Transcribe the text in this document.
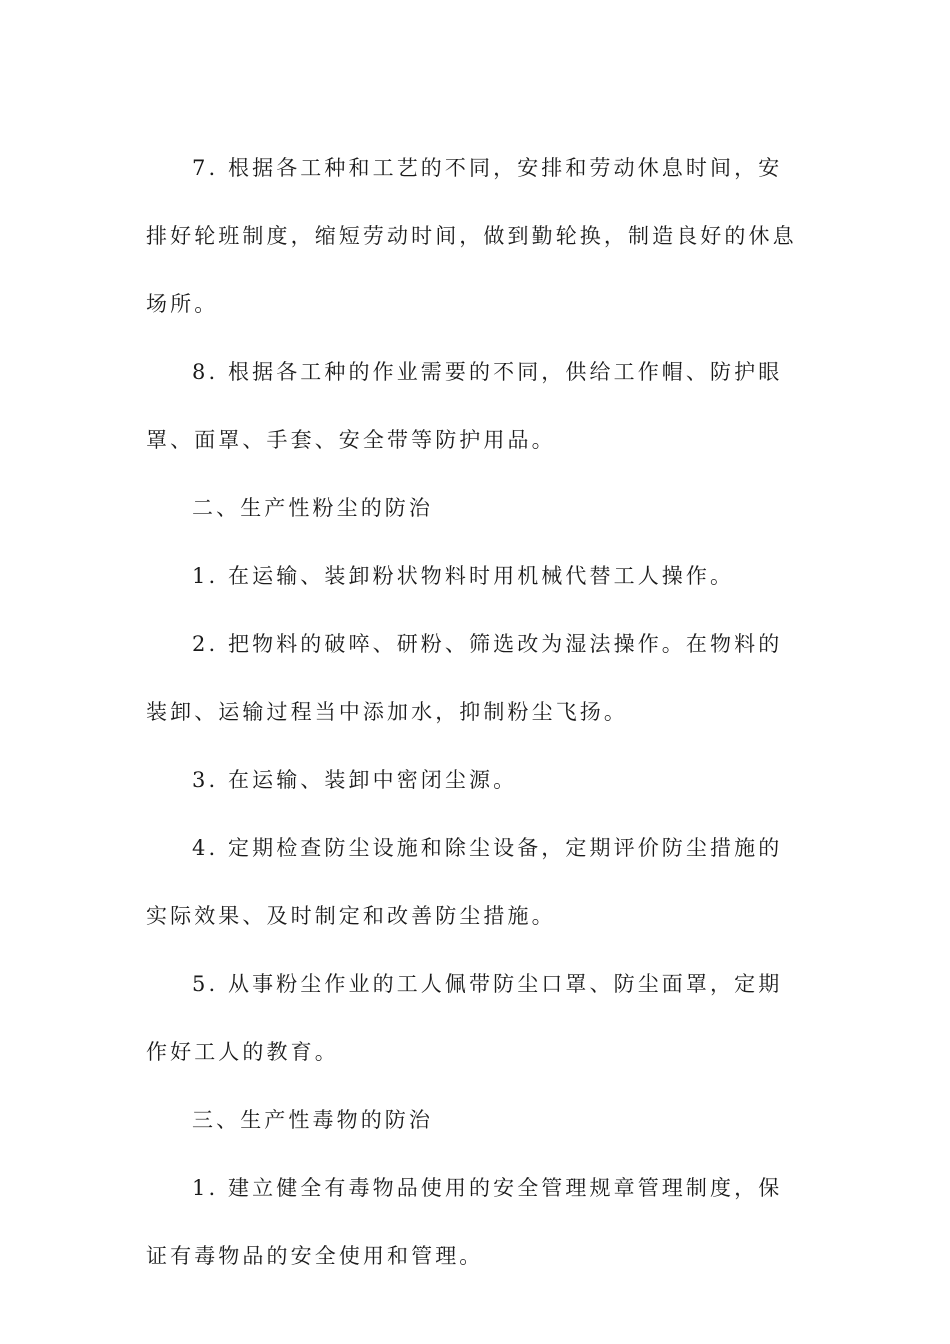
7. 根据各工种和工艺的不同，安排和劳动休息时间，安排好轮班制度，缩短劳动时间，做到勤轮换，制造良好的休息场所。

8. 根据各工种的作业需要的不同，供给工作帽、防护眼罩、面罩、手套、安全带等防护用品。

二、生产性粉尘的防治

1. 在运输、装卸粉状物料时用机械代替工人操作。

2. 把物料的破啐、研粉、筛选改为湿法操作。在物料的装卸、运输过程当中添加水，抑制粉尘飞扬。

3. 在运输、装卸中密闭尘源。

4. 定期检查防尘设施和除尘设备，定期评价防尘措施的实际效果、及时制定和改善防尘措施。

5. 从事粉尘作业的工人佩带防尘口罩、防尘面罩，定期作好工人的教育。

三、生产性毒物的防治

1. 建立健全有毒物品使用的安全管理规章管理制度，保证有毒物品的安全使用和管理。
